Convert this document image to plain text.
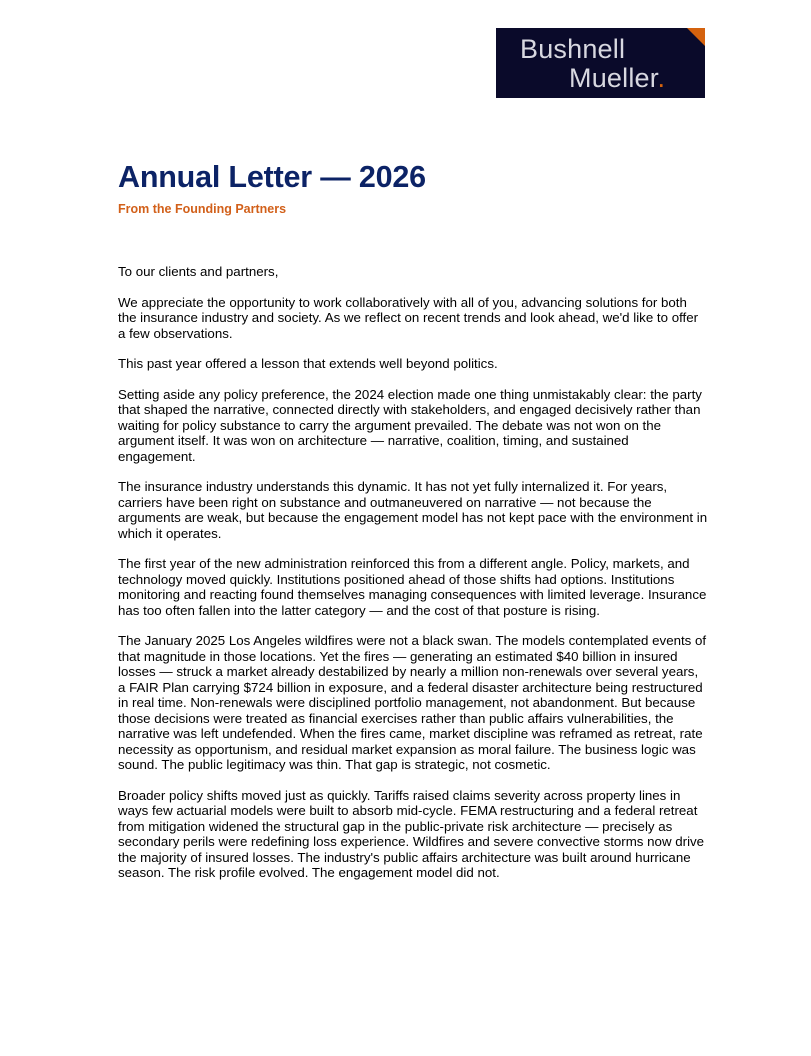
Bushnell
Mueller.
Annual Letter — 2026
From the Founding Partners

To our clients and partners,

We appreciate the opportunity to work collaboratively with all of you, advancing solutions for both the insurance industry and society. As we reflect on recent trends and look ahead, we'd like to offer a few observations.

This past year offered a lesson that extends well beyond politics.

Setting aside any policy preference, the 2024 election made one thing unmistakably clear: the party that shaped the narrative, connected directly with stakeholders, and engaged decisively rather than waiting for policy substance to carry the argument prevailed. The debate was not won on the argument itself. It was won on architecture — narrative, coalition, timing, and sustained engagement.

The insurance industry understands this dynamic. It has not yet fully internalized it. For years, carriers have been right on substance and outmaneuvered on narrative — not because the arguments are weak, but because the engagement model has not kept pace with the environment in which it operates.

The first year of the new administration reinforced this from a different angle. Policy, markets, and technology moved quickly. Institutions positioned ahead of those shifts had options. Institutions monitoring and reacting found themselves managing consequences with limited leverage. Insurance has too often fallen into the latter category — and the cost of that posture is rising.

The January 2025 Los Angeles wildfires were not a black swan. The models contemplated events of that magnitude in those locations. Yet the fires — generating an estimated $40 billion in insured losses — struck a market already destabilized by nearly a million non-renewals over several years, a FAIR Plan carrying $724 billion in exposure, and a federal disaster architecture being restructured in real time. Non-renewals were disciplined portfolio management, not abandonment. But because those decisions were treated as financial exercises rather than public affairs vulnerabilities, the narrative was left undefended. When the fires came, market discipline was reframed as retreat, rate necessity as opportunism, and residual market expansion as moral failure. The business logic was sound. The public legitimacy was thin. That gap is strategic, not cosmetic.

Broader policy shifts moved just as quickly. Tariffs raised claims severity across property lines in ways few actuarial models were built to absorb mid-cycle. FEMA restructuring and a federal retreat from mitigation widened the structural gap in the public-private risk architecture — precisely as secondary perils were redefining loss experience. Wildfires and severe convective storms now drive the majority of insured losses. The industry's public affairs architecture was built around hurricane season. The risk profile evolved. The engagement model did not.
